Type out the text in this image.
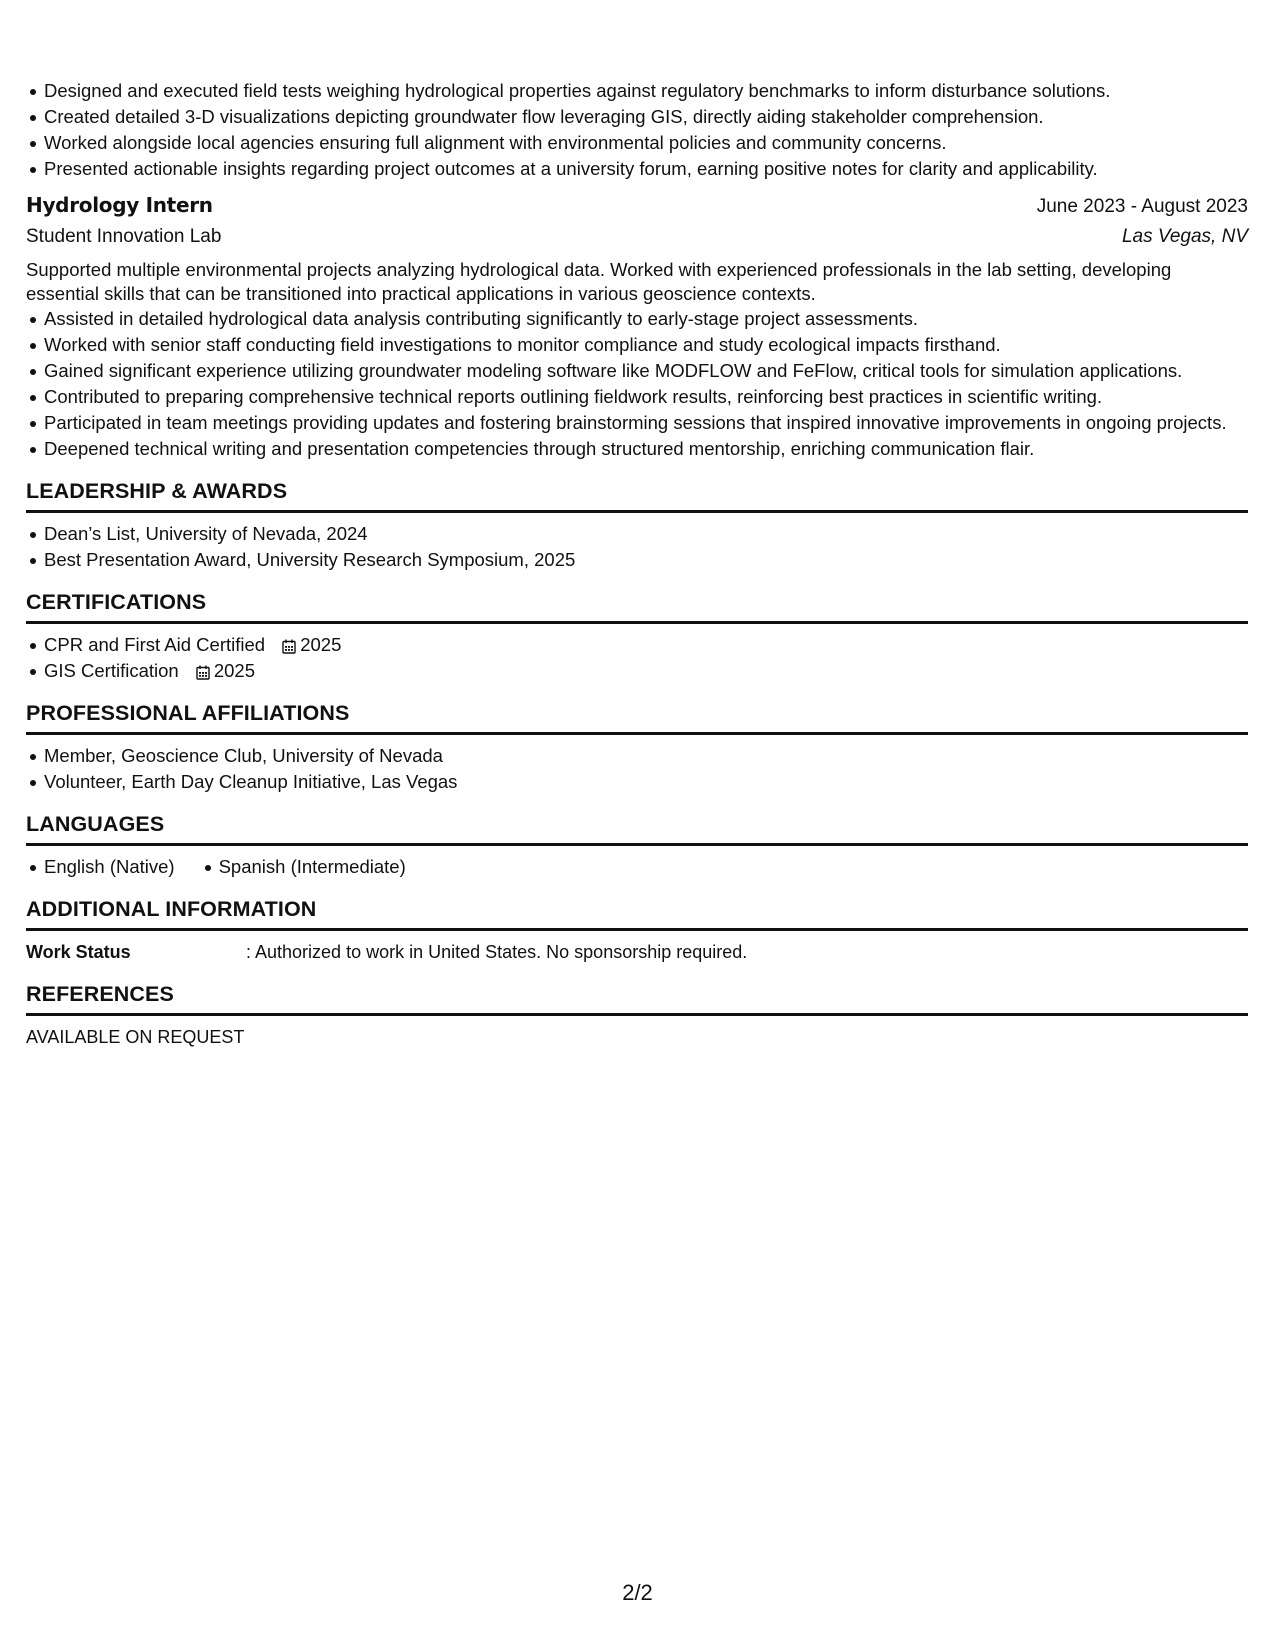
Designed and executed field tests weighing hydrological properties against regulatory benchmarks to inform disturbance solutions.
Created detailed 3-D visualizations depicting groundwater flow leveraging GIS, directly aiding stakeholder comprehension.
Worked alongside local agencies ensuring full alignment with environmental policies and community concerns.
Presented actionable insights regarding project outcomes at a university forum, earning positive notes for clarity and applicability.
Hydrology Intern	June 2023 - August 2023
Student Innovation Lab	Las Vegas, NV
Supported multiple environmental projects analyzing hydrological data. Worked with experienced professionals in the lab setting, developing essential skills that can be transitioned into practical applications in various geoscience contexts.
Assisted in detailed hydrological data analysis contributing significantly to early-stage project assessments.
Worked with senior staff conducting field investigations to monitor compliance and study ecological impacts firsthand.
Gained significant experience utilizing groundwater modeling software like MODFLOW and FeFlow, critical tools for simulation applications.
Contributed to preparing comprehensive technical reports outlining fieldwork results, reinforcing best practices in scientific writing.
Participated in team meetings providing updates and fostering brainstorming sessions that inspired innovative improvements in ongoing projects.
Deepened technical writing and presentation competencies through structured mentorship, enriching communication flair.
LEADERSHIP & AWARDS
Dean’s List, University of Nevada, 2024
Best Presentation Award, University Research Symposium, 2025
CERTIFICATIONS
CPR and First Aid Certified 2025
GIS Certification 2025
PROFESSIONAL AFFILIATIONS
Member, Geoscience Club, University of Nevada
Volunteer, Earth Day Cleanup Initiative, Las Vegas
LANGUAGES
English (Native) Spanish (Intermediate)
ADDITIONAL INFORMATION
Work Status	: Authorized to work in United States. No sponsorship required.
REFERENCES
AVAILABLE ON REQUEST
2/2
